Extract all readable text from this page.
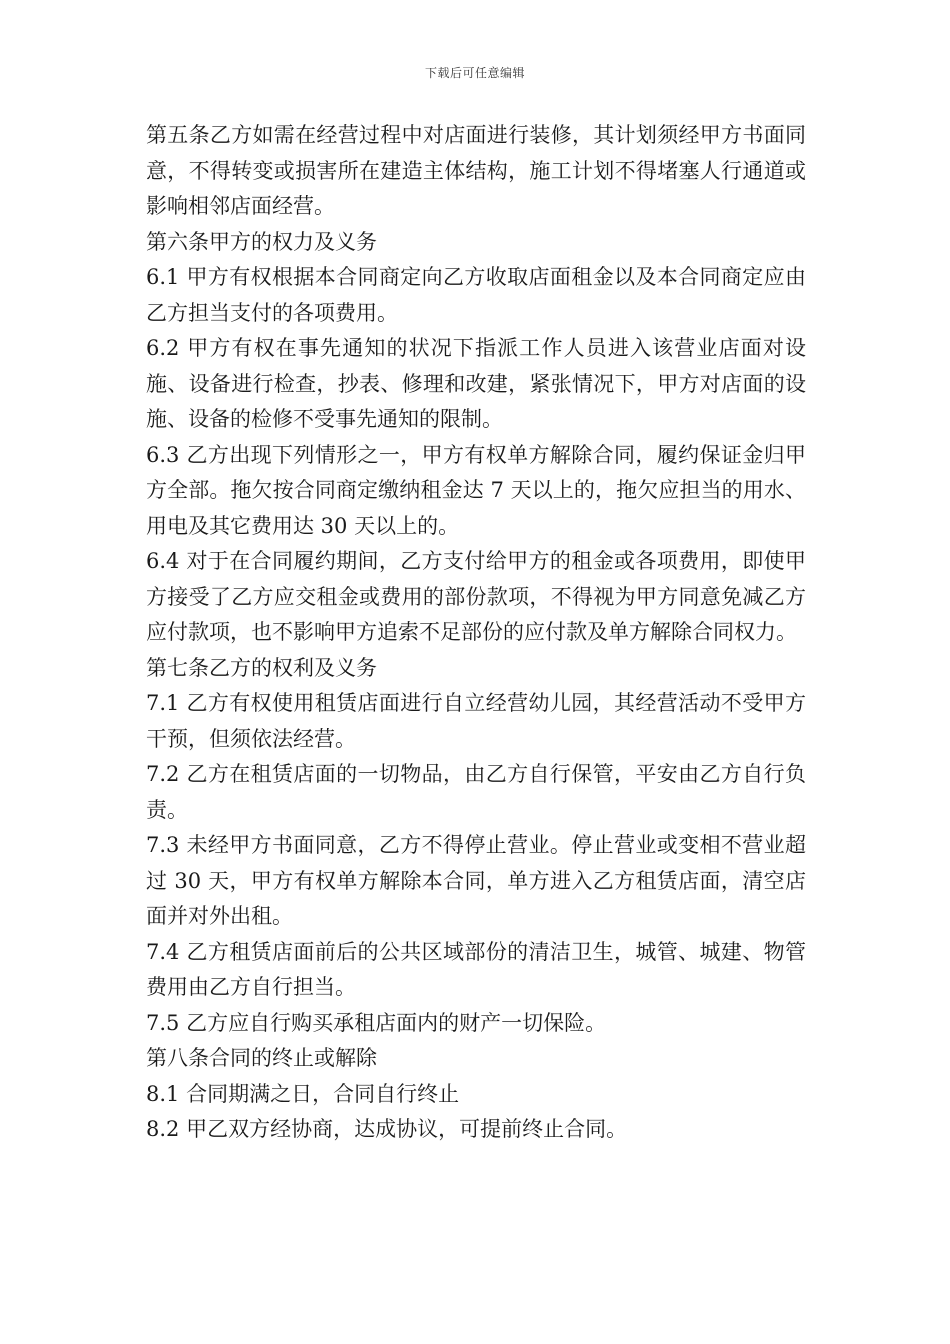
下载后可任意编辑

第五条乙方如需在经营过程中对店面进行装修，其计划须经甲方书面同意，不得转变或损害所在建造主体结构，施工计划不得堵塞人行通道或影响相邻店面经营。

第六条甲方的权力及义务

6.1 甲方有权根据本合同商定向乙方收取店面租金以及本合同商定应由乙方担当支付的各项费用。

6.2 甲方有权在事先通知的状况下指派工作人员进入该营业店面对设施、设备进行检查，抄表、修理和改建，紧张情况下，甲方对店面的设施、设备的检修不受事先通知的限制。

6.3 乙方出现下列情形之一，甲方有权单方解除合同，履约保证金归甲方全部。拖欠按合同商定缴纳租金达 7 天以上的，拖欠应担当的用水、用电及其它费用达 30 天以上的。

6.4 对于在合同履约期间，乙方支付给甲方的租金或各项费用，即使甲方接受了乙方应交租金或费用的部份款项，不得视为甲方同意免减乙方应付款项，也不影响甲方追索不足部份的应付款及单方解除合同权力。

第七条乙方的权利及义务

7.1 乙方有权使用租赁店面进行自立经营幼儿园，其经营活动不受甲方干预，但须依法经营。

7.2 乙方在租赁店面的一切物品，由乙方自行保管，平安由乙方自行负责。

7.3 未经甲方书面同意，乙方不得停止营业。停止营业或变相不营业超过 30 天，甲方有权单方解除本合同，单方进入乙方租赁店面，清空店面并对外出租。

7.4 乙方租赁店面前后的公共区域部份的清洁卫生，城管、城建、物管费用由乙方自行担当。

7.5 乙方应自行购买承租店面内的财产一切保险。

第八条合同的终止或解除

8.1 合同期满之日，合同自行终止

8.2 甲乙双方经协商，达成协议，可提前终止合同。
